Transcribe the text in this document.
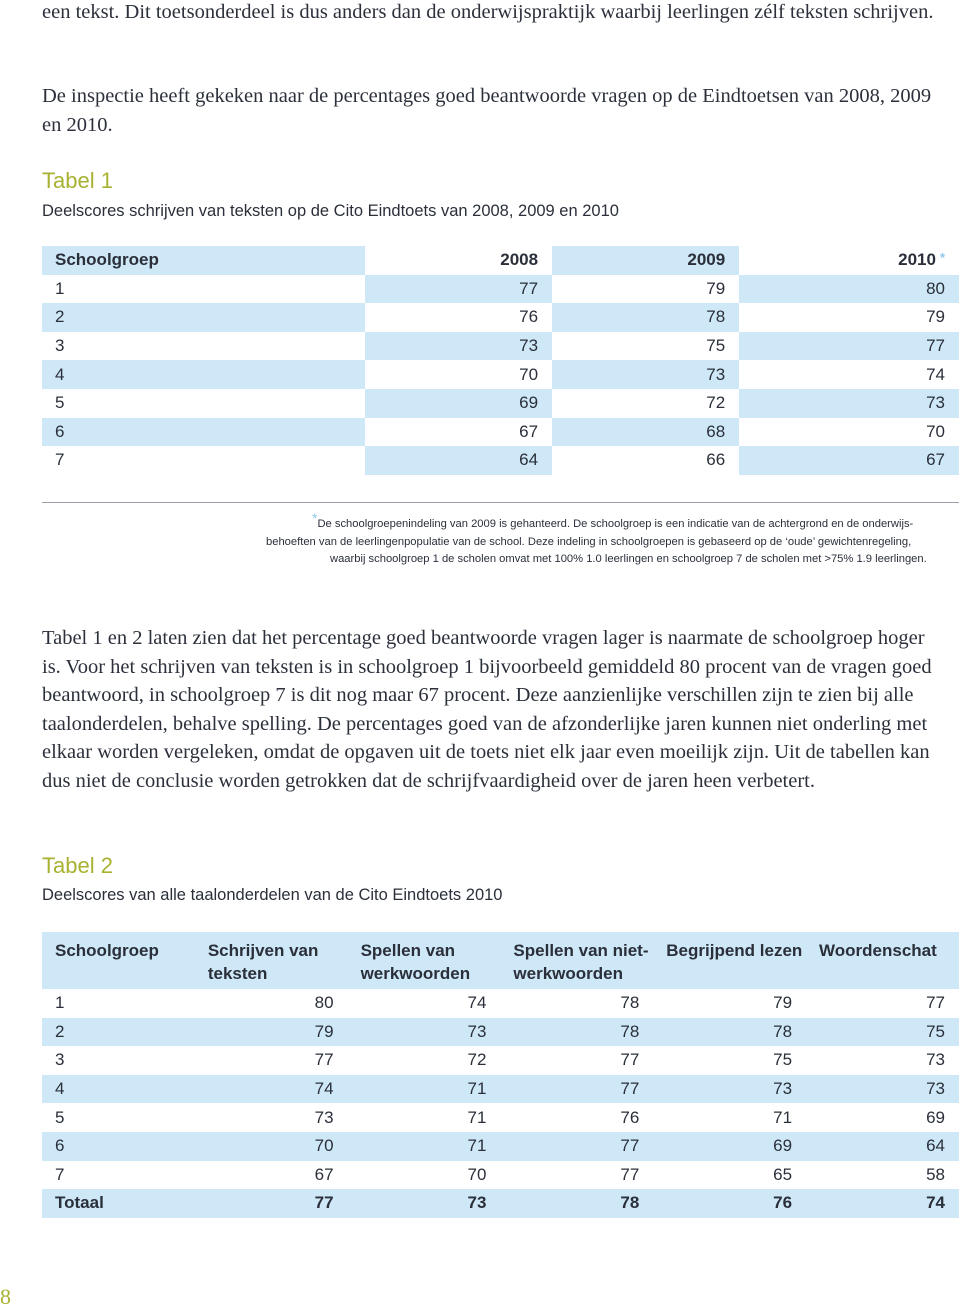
een tekst. Dit toetsonderdeel is dus anders dan de onderwijspraktijk waarbij leerlingen zélf teksten schrijven.
De inspectie heeft gekeken naar de percentages goed beantwoorde vragen op de Eindtoetsen van 2008, 2009 en 2010.
Tabel 1
Deelscores schrijven van teksten op de Cito Eindtoets van 2008, 2009 en 2010
Schoolgroep	2008	2009	2010 *
1	77	79	80
2	76	78	79
3	73	75	77
4	70	73	74
5	69	72	73
6	67	68	70
7	64	66	67
*De schoolgroepenindeling van 2009 is gehanteerd. De schoolgroep is een indicatie van de achtergrond en de onderwijs-
behoeften van de leerlingenpopulatie van de school. Deze indeling in schoolgroepen is gebaseerd op de ‘oude’ gewichtenregeling,
waarbij schoolgroep 1 de scholen omvat met 100% 1.0 leerlingen en schoolgroep 7 de scholen met >75% 1.9 leerlingen.
Tabel 1 en 2 laten zien dat het percentage goed beantwoorde vragen lager is naarmate de schoolgroep hoger is. Voor het schrijven van teksten is in schoolgroep 1 bijvoorbeeld gemiddeld 80 procent van de vragen goed beantwoord, in schoolgroep 7 is dit nog maar 67 procent. Deze aanzienlijke verschillen zijn te zien bij alle taalonderdelen, behalve spelling. De percentages goed van de afzonderlijke jaren kunnen niet onderling met elkaar worden vergeleken, omdat de opgaven uit de toets niet elk jaar even moeilijk zijn. Uit de tabellen kan dus niet de conclusie worden getrokken dat de schrijfvaardigheid over de jaren heen verbetert.
Tabel 2
Deelscores van alle taalonderdelen van de Cito Eindtoets 2010
Schoolgroep	Schrijven van teksten	Spellen van werkwoorden	Spellen van niet-werkwoorden	Begrijpend lezen	Woordenschat
1	80	74	78	79	77
2	79	73	78	78	75
3	77	72	77	75	73
4	74	71	77	73	73
5	73	71	76	71	69
6	70	71	77	69	64
7	67	70	77	65	58
Totaal	77	73	78	76	74
8
